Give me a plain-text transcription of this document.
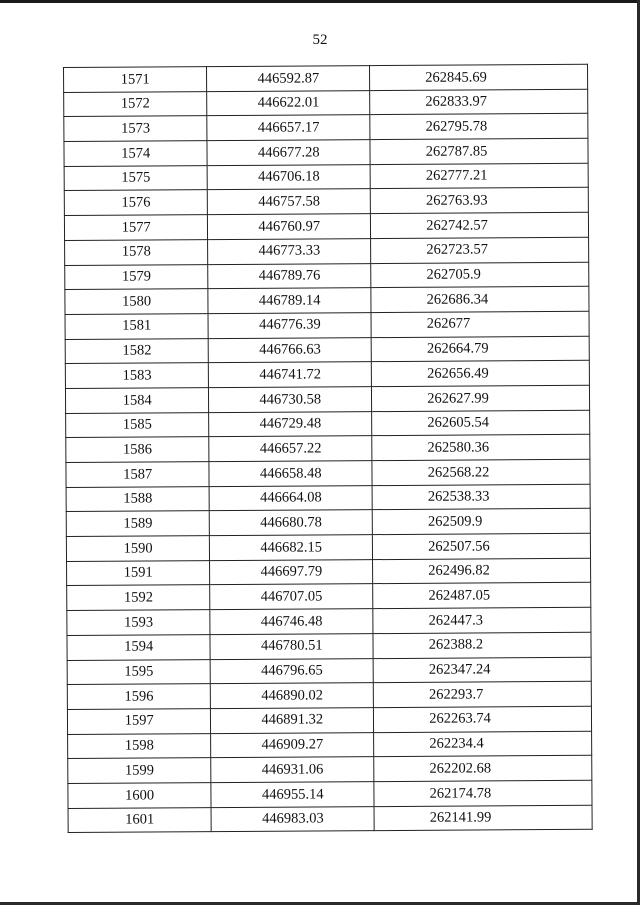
52
1571	446592.87	262845.69
1572	446622.01	262833.97
1573	446657.17	262795.78
1574	446677.28	262787.85
1575	446706.18	262777.21
1576	446757.58	262763.93
1577	446760.97	262742.57
1578	446773.33	262723.57
1579	446789.76	262705.9
1580	446789.14	262686.34
1581	446776.39	262677
1582	446766.63	262664.79
1583	446741.72	262656.49
1584	446730.58	262627.99
1585	446729.48	262605.54
1586	446657.22	262580.36
1587	446658.48	262568.22
1588	446664.08	262538.33
1589	446680.78	262509.9
1590	446682.15	262507.56
1591	446697.79	262496.82
1592	446707.05	262487.05
1593	446746.48	262447.3
1594	446780.51	262388.2
1595	446796.65	262347.24
1596	446890.02	262293.7
1597	446891.32	262263.74
1598	446909.27	262234.4
1599	446931.06	262202.68
1600	446955.14	262174.78
1601	446983.03	262141.99
